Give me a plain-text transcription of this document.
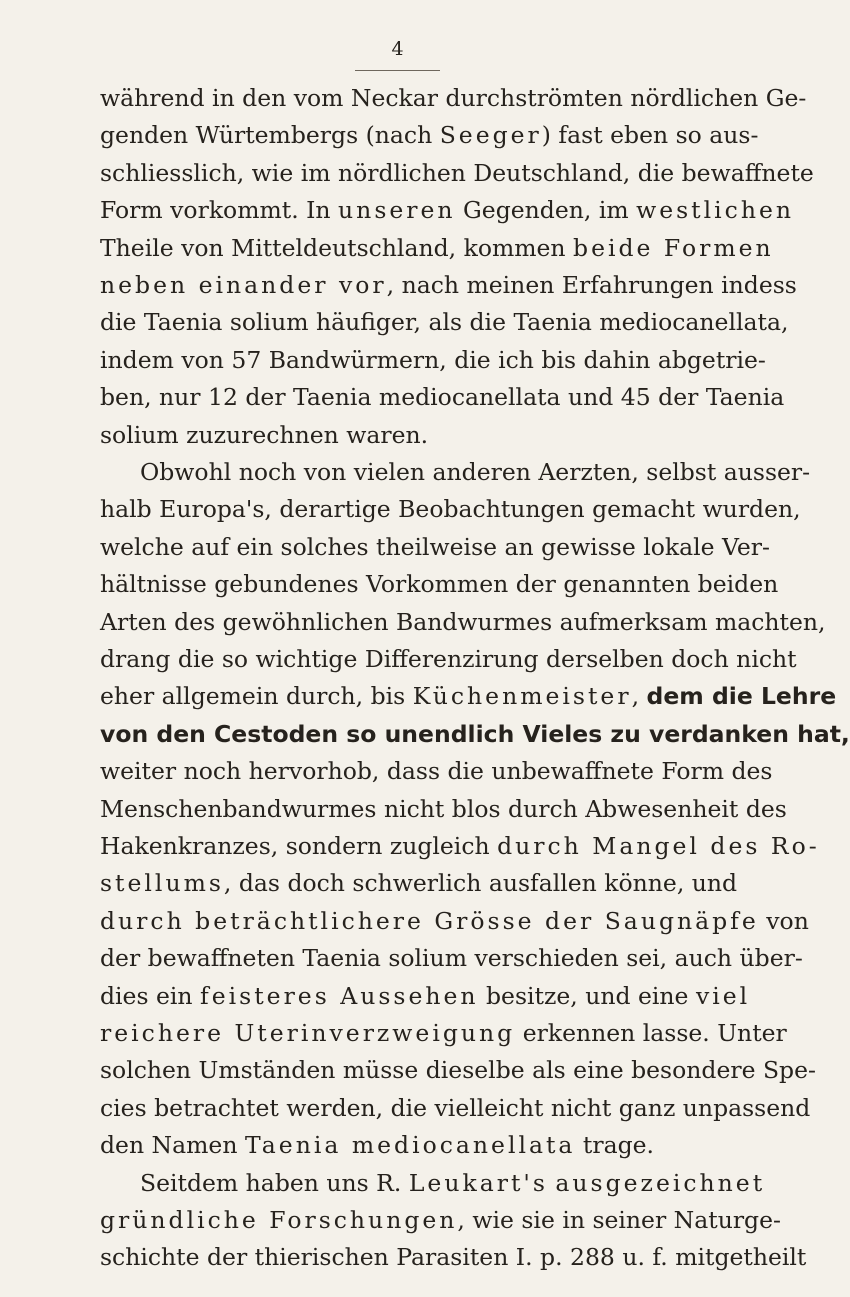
4
während in den vom Neckar durchströmten nördlichen Ge-
genden Würtembergs (nach Seeger) fast eben so aus-
schliesslich, wie im nördlichen Deutschland, die bewaffnete
Form vorkommt. In unseren Gegenden, im westlichen
Theile von Mitteldeutschland, kommen beide Formen
neben einander vor, nach meinen Erfahrungen indess
die Taenia solium häufiger, als die Taenia mediocanellata,
indem von 57 Bandwürmern, die ich bis dahin abgetrie-
ben, nur 12 der Taenia mediocanellata und 45 der Taenia
solium zuzurechnen waren.
Obwohl noch von vielen anderen Aerzten, selbst ausser-
halb Europa's, derartige Beobachtungen gemacht wurden,
welche auf ein solches theilweise an gewisse lokale Ver-
hältnisse gebundenes Vorkommen der genannten beiden
Arten des gewöhnlichen Bandwurmes aufmerksam machten,
drang die so wichtige Differenzirung derselben doch nicht
eher allgemein durch, bis Küchenmeister, dem die Lehre
von den Cestoden so unendlich Vieles zu verdanken hat,
weiter noch hervorhob, dass die unbewaffnete Form des
Menschenbandwurmes nicht blos durch Abwesenheit des
Hakenkranzes, sondern zugleich durch Mangel des Ro-
stellums, das doch schwerlich ausfallen könne, und
durch beträchtlichere Grösse der Saugnäpfe von
der bewaffneten Taenia solium verschieden sei, auch über-
dies ein feisteres Aussehen besitze, und eine viel
reichere Uterinverzweigung erkennen lasse. Unter
solchen Umständen müsse dieselbe als eine besondere Spe-
cies betrachtet werden, die vielleicht nicht ganz unpassend
den Namen Taenia mediocanellata trage.
Seitdem haben uns R. Leukart's ausgezeichnet
gründliche Forschungen, wie sie in seiner Naturge-
schichte der thierischen Parasiten I. p. 288 u. f. mitgetheilt
